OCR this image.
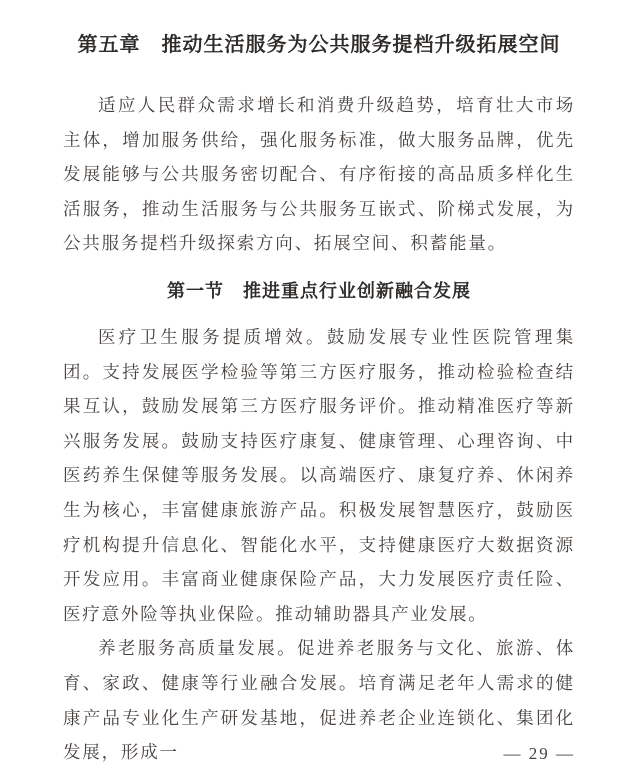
第五章　推动生活服务为公共服务提档升级拓展空间

适应人民群众需求增长和消费升级趋势，培育壮大市场主体，增加服务供给，强化服务标准，做大服务品牌，优先发展能够与公共服务密切配合、有序衔接的高品质多样化生活服务，推动生活服务与公共服务互嵌式、阶梯式发展，为公共服务提档升级探索方向、拓展空间、积蓄能量。

第一节　推进重点行业创新融合发展

医疗卫生服务提质增效。鼓励发展专业性医院管理集团。支持发展医学检验等第三方医疗服务，推动检验检查结果互认，鼓励发展第三方医疗服务评价。推动精准医疗等新兴服务发展。鼓励支持医疗康复、健康管理、心理咨询、中医药养生保健等服务发展。以高端医疗、康复疗养、休闲养生为核心，丰富健康旅游产品。积极发展智慧医疗，鼓励医疗机构提升信息化、智能化水平，支持健康医疗大数据资源开发应用。丰富商业健康保险产品，大力发展医疗责任险、医疗意外险等执业保险。推动辅助器具产业发展。

养老服务高质量发展。促进养老服务与文化、旅游、体育、家政、健康等行业融合发展。培育满足老年人需求的健康产品专业化生产研发基地，促进养老企业连锁化、集团化发展，形成一	— 29 —
